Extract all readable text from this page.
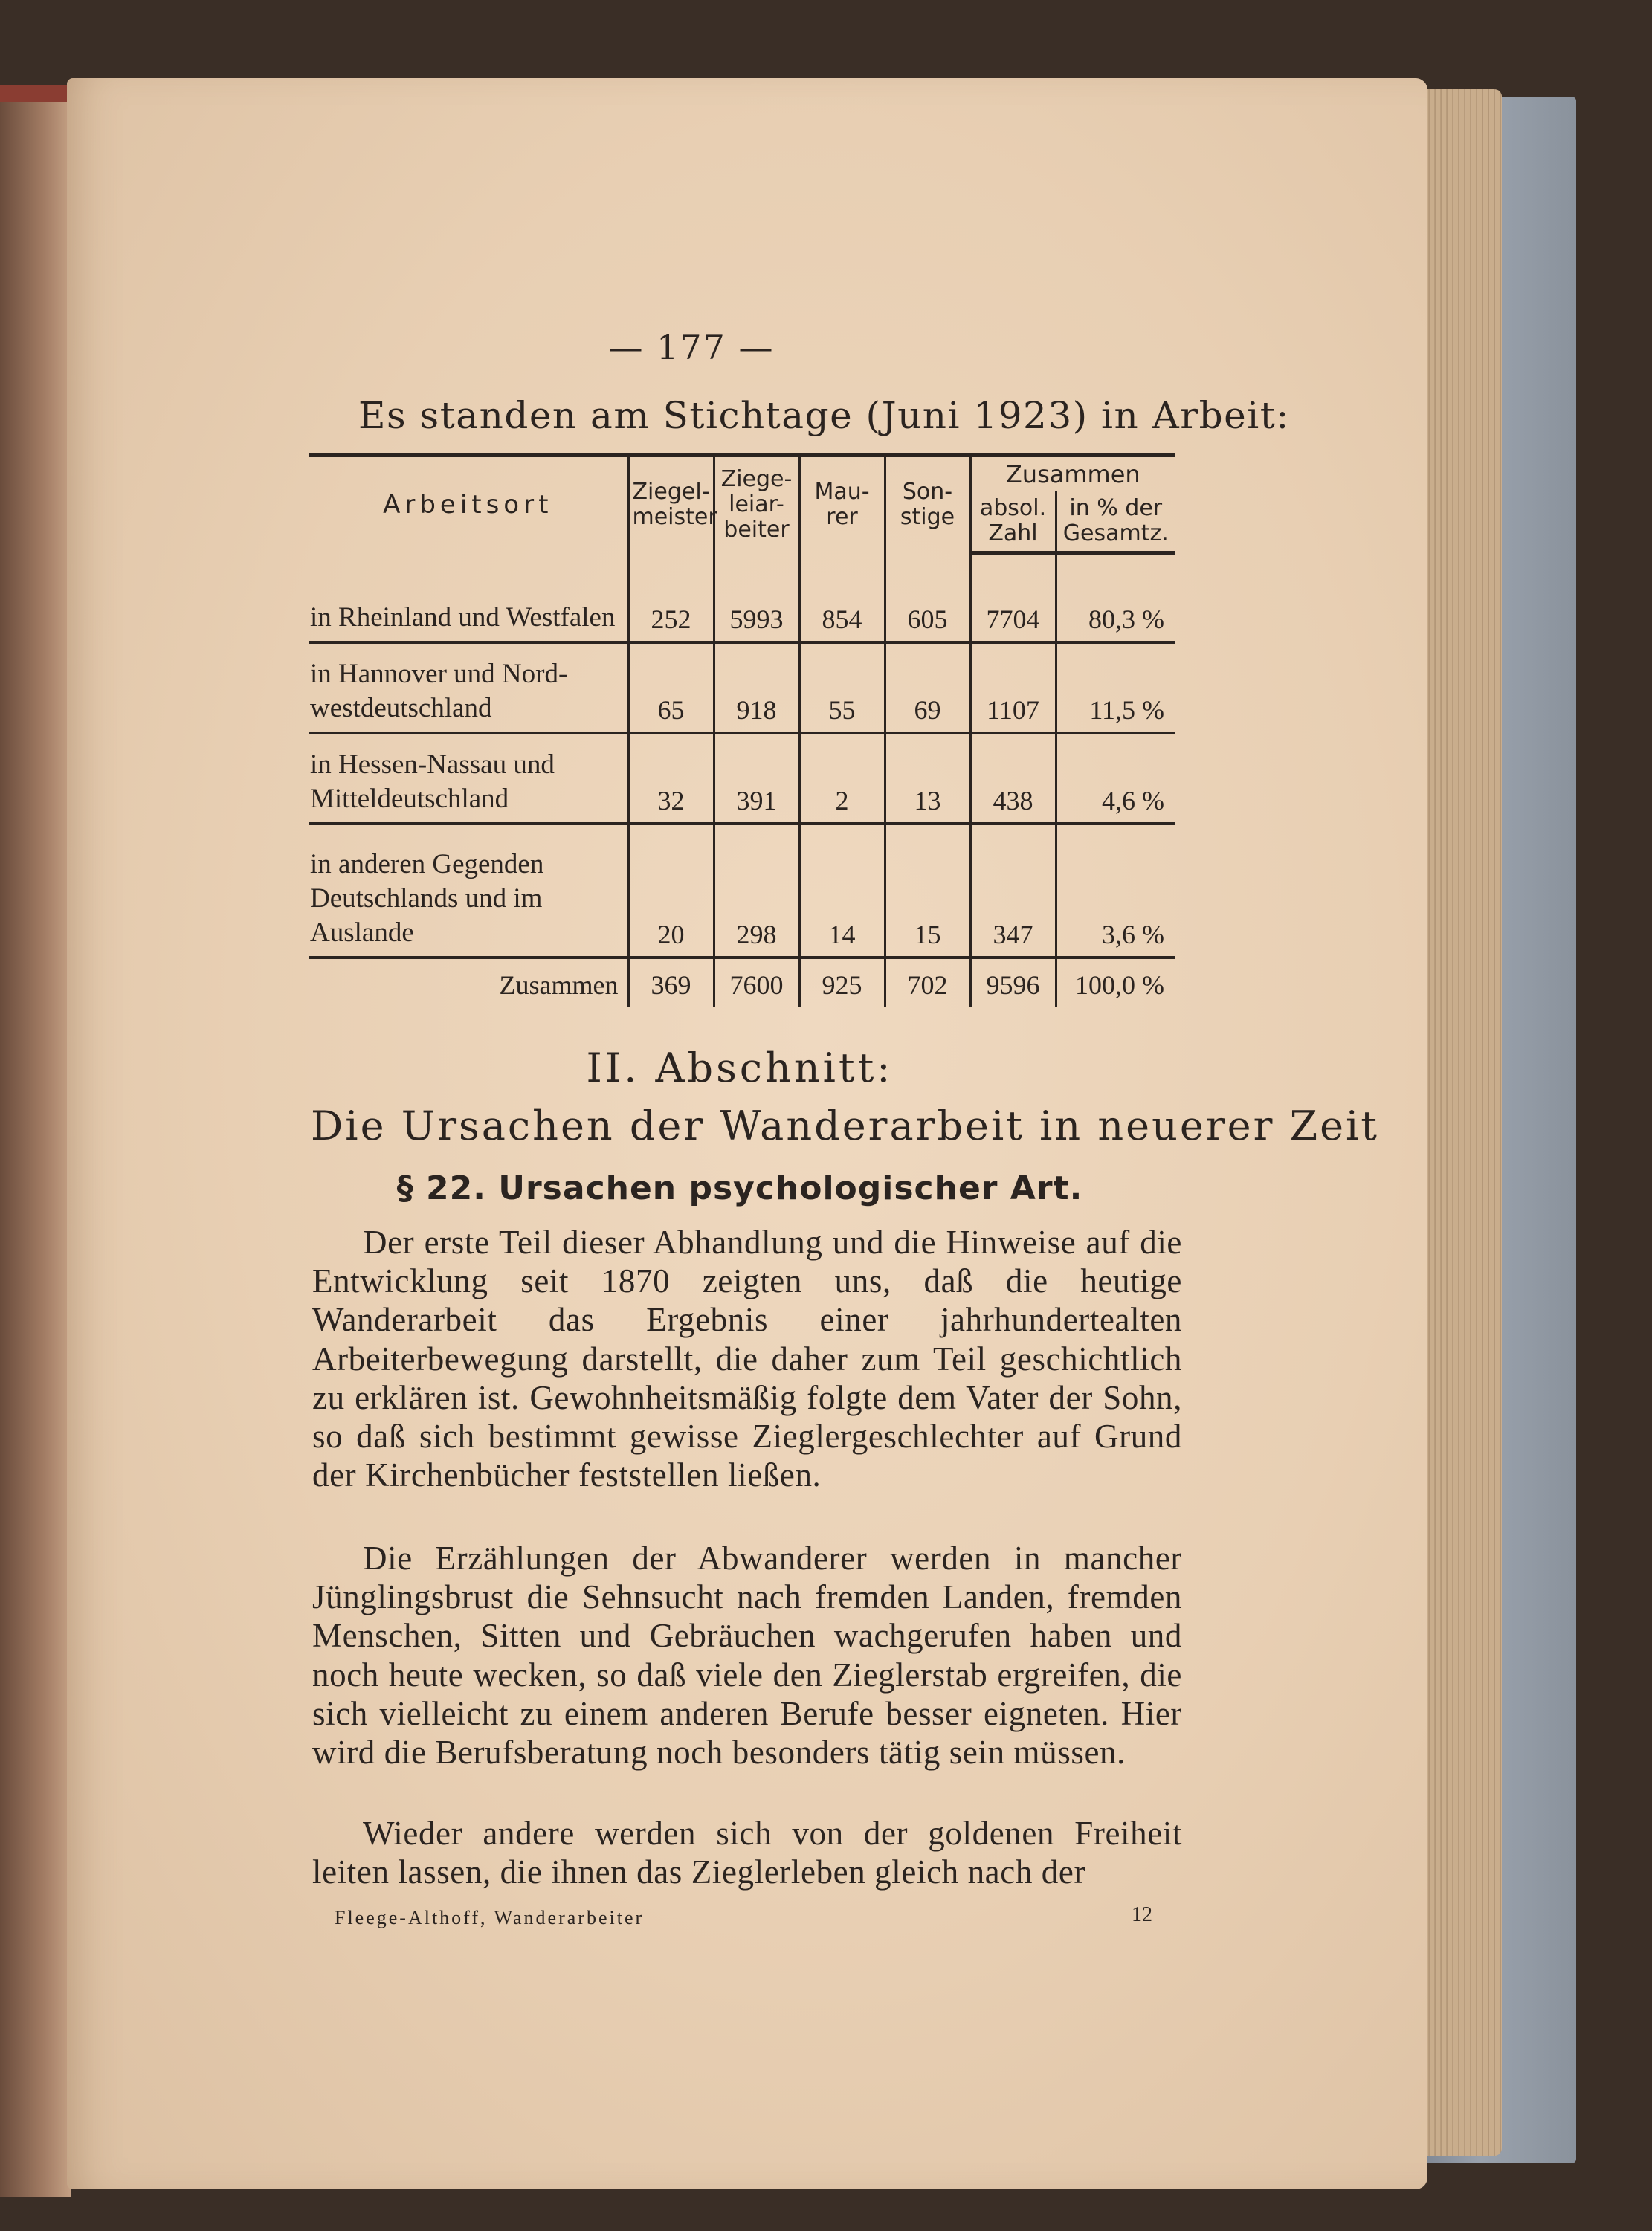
— 177 —
Es standen am Stichtage (Juni 1923) in Arbeit:
Arbeitsort	Ziegel-meister	Ziege-leiar-beiter	Mau-rer	Son-stige	Zusammen	
					absol. Zahl	in % der Gesamtz.
in Rheinland und Westfalen	252	5993	854	605	7704	80,3 %
in Hannover und Nord-westdeutschland	65	918	55	69	1107	11,5 %
in Hessen-Nassau und Mitteldeutschland	32	391	2	13	438	4,6 %
in anderen Gegenden Deutschlands und im Auslande	20	298	14	15	347	3,6 %
Zusammen	369	7600	925	702	9596	100,0 %
II. Abschnitt:
Die Ursachen der Wanderarbeit in neuerer Zeit
§ 22. Ursachen psychologischer Art.

Der erste Teil dieser Abhandlung und die Hinweise auf die Entwicklung seit 1870 zeigten uns, daß die heutige Wanderarbeit das Ergebnis einer jahrhundertealten Arbeiterbewegung darstellt, die daher zum Teil geschichtlich zu erklären ist. Gewohnheitsmäßig folgte dem Vater der Sohn, so daß sich bestimmt gewisse Zieglergeschlechter auf Grund der Kirchenbücher feststellen ließen.

Die Erzählungen der Abwanderer werden in mancher Jünglingsbrust die Sehnsucht nach fremden Landen, fremden Menschen, Sitten und Gebräuchen wachgerufen haben und noch heute wecken, so daß viele den Zieglerstab ergreifen, die sich vielleicht zu einem anderen Berufe besser eigneten. Hier wird die Berufsberatung noch besonders tätig sein müssen.

Wieder andere werden sich von der goldenen Freiheit leiten lassen, die ihnen das Zieglerleben gleich nach der

Fleege-Althoff, Wanderarbeiter	12
